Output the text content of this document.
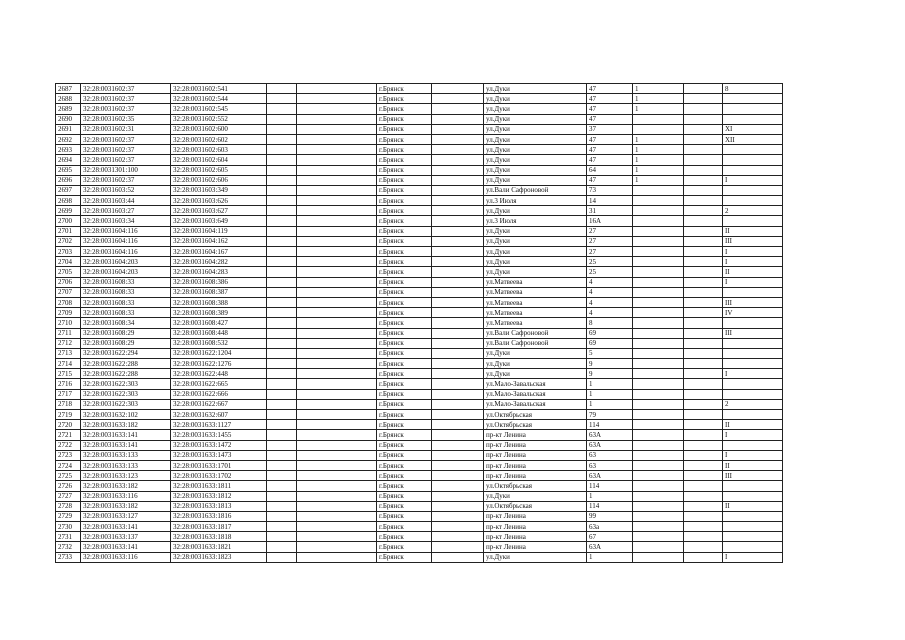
2687	32:28:0031602:37	32:28:0031602:541			г.Брянск		ул.Дуки	47	1		8
2688	32:28:0031602:37	32:28:0031602:544			г.Брянск		ул.Дуки	47	1		
2689	32:28:0031602:37	32:28:0031602:545			г.Брянск		ул.Дуки	47	1		
2690	32:28:0031602:35	32:28:0031602:552			г.Брянск		ул.Дуки	47			
2691	32:28:0031602:31	32:28:0031602:600			г.Брянск		ул.Дуки	37			XI
2692	32:28:0031602:37	32:28:0031602:602			г.Брянск		ул.Дуки	47	1		XII
2693	32:28:0031602:37	32:28:0031602:603			г.Брянск		ул.Дуки	47	1		
2694	32:28:0031602:37	32:28:0031602:604			г.Брянск		ул.Дуки	47	1		
2695	32:28:0031301:100	32:28:0031602:605			г.Брянск		ул.Дуки	64	1		
2696	32:28:0031602:37	32:28:0031602:606			г.Брянск		ул.Дуки	47	1		I
2697	32:28:0031603:52	32:28:0031603:349			г.Брянск		ул.Вали Сафроновой	73			
2698	32:28:0031603:44	32:28:0031603:626			г.Брянск		ул.3 Июля	14			
2699	32:28:0031603:27	32:28:0031603:627			г.Брянск		ул.Дуки	31			2
2700	32:28:0031603:34	32:28:0031603:649			г.Брянск		ул.3 Июля	16А			
2701	32:28:0031604:116	32:28:0031604:119			г.Брянск		ул.Дуки	27			II
2702	32:28:0031604:116	32:28:0031604:162			г.Брянск		ул.Дуки	27			III
2703	32:28:0031604:116	32:28:0031604:167			г.Брянск		ул.Дуки	27			I
2704	32:28:0031604:203	32:28:0031604:282			г.Брянск		ул.Дуки	25			I
2705	32:28:0031604:203	32:28:0031604:283			г.Брянск		ул.Дуки	25			II
2706	32:28:0031608:33	32:28:0031608:386			г.Брянск		ул.Матвеева	4			I
2707	32:28:0031608:33	32:28:0031608:387			г.Брянск		ул.Матвеева	4			
2708	32:28:0031608:33	32:28:0031608:388			г.Брянск		ул.Матвеева	4			III
2709	32:28:0031608:33	32:28:0031608:389			г.Брянск		ул.Матвеева	4			IV
2710	32:28:0031608:34	32:28:0031608:427			г.Брянск		ул.Матвеева	8			
2711	32:28:0031608:29	32:28:0031608:448			г.Брянск		ул.Вали Сафроновой	69			III
2712	32:28:0031608:29	32:28:0031608:532			г.Брянск		ул.Вали Сафроновой	69			
2713	32:28:0031622:294	32:28:0031622:1204			г.Брянск		ул.Дуки	5			
2714	32:28:0031622:288	32:28:0031622:1276			г.Брянск		ул.Дуки	9			
2715	32:28:0031622:288	32:28:0031622:448			г.Брянск		ул.Дуки	9			I
2716	32:28:0031622:303	32:28:0031622:665			г.Брянск		ул.Мало-Завальская	1			
2717	32:28:0031622:303	32:28:0031622:666			г.Брянск		ул.Мало-Завальская	1			
2718	32:28:0031622:303	32:28:0031622:667			г.Брянск		ул.Мало-Завальская	1			2
2719	32:28:0031632:102	32:28:0031632:607			г.Брянск		ул.Октябрьская	79			
2720	32:28:0031633:182	32:28:0031633:1127			г.Брянск		ул.Октябрьская	114			II
2721	32:28:0031633:141	32:28:0031633:1455			г.Брянск		пр-кт Ленина	63А			I
2722	32:28:0031633:141	32:28:0031633:1472			г.Брянск		пр-кт Ленина	63А			
2723	32:28:0031633:133	32:28:0031633:1473			г.Брянск		пр-кт Ленина	63			I
2724	32:28:0031633:133	32:28:0031633:1701			г.Брянск		пр-кт Ленина	63			II
2725	32:28:0031633:123	32:28:0031633:1702			г.Брянск		пр-кт Ленина	63А			III
2726	32:28:0031633:182	32:28:0031633:1811			г.Брянск		ул.Октябрьская	114			
2727	32:28:0031633:116	32:28:0031633:1812			г.Брянск		ул.Дуки	1			
2728	32:28:0031633:182	32:28:0031633:1813			г.Брянск		ул.Октябрьская	114			II
2729	32:28:0031633:127	32:28:0031633:1816			г.Брянск		пр-кт Ленина	99			
2730	32:28:0031633:141	32:28:0031633:1817			г.Брянск		пр-кт Ленина	63а			
2731	32:28:0031633:137	32:28:0031633:1818			г.Брянск		пр-кт Ленина	67			
2732	32:28:0031633:141	32:28:0031633:1821			г.Брянск		пр-кт Ленина	63А			
2733	32:28:0031633:116	32:28:0031633:1823			г.Брянск		ул.Дуки	1			I
